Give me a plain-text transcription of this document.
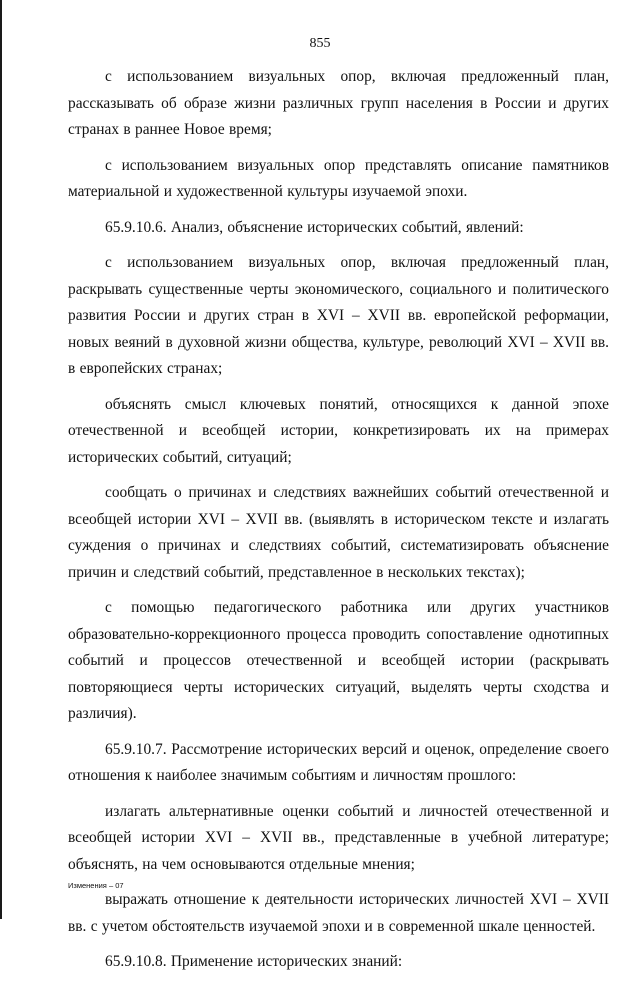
855

с использованием визуальных опор, включая предложенный план, рассказывать об образе жизни различных групп населения в России и других странах в раннее Новое время;

с использованием визуальных опор представлять описание памятников материальной и художественной культуры изучаемой эпохи.

65.9.10.6. Анализ, объяснение исторических событий, явлений:

с использованием визуальных опор, включая предложенный план, раскрывать существенные черты экономического, социального и политического развития России и других стран в XVI – XVII вв. европейской реформации, новых веяний в духовной жизни общества, культуре, революций XVI – XVII вв. в европейских странах;

объяснять смысл ключевых понятий, относящихся к данной эпохе отечественной и всеобщей истории, конкретизировать их на примерах исторических событий, ситуаций;

сообщать о причинах и следствиях важнейших событий отечественной и всеобщей истории XVI – XVII вв. (выявлять в историческом тексте и излагать суждения о причинах и следствиях событий, систематизировать объяснение причин и следствий событий, представленное в нескольких текстах);

с помощью педагогического работника или других участников образовательно-коррекционного процесса проводить сопоставление однотипных событий и процессов отечественной и всеобщей истории (раскрывать повторяющиеся черты исторических ситуаций, выделять черты сходства и различия).

65.9.10.7. Рассмотрение исторических версий и оценок, определение своего отношения к наиболее значимым событиям и личностям прошлого:

излагать альтернативные оценки событий и личностей отечественной и всеобщей истории XVI – XVII вв., представленные в учебной литературе; объяснять, на чем основываются отдельные мнения;

выражать отношение к деятельности исторических личностей XVI – XVII вв. с учетом обстоятельств изучаемой эпохи и в современной шкале ценностей.

65.9.10.8. Применение исторических знаний:

Изменения – 07
